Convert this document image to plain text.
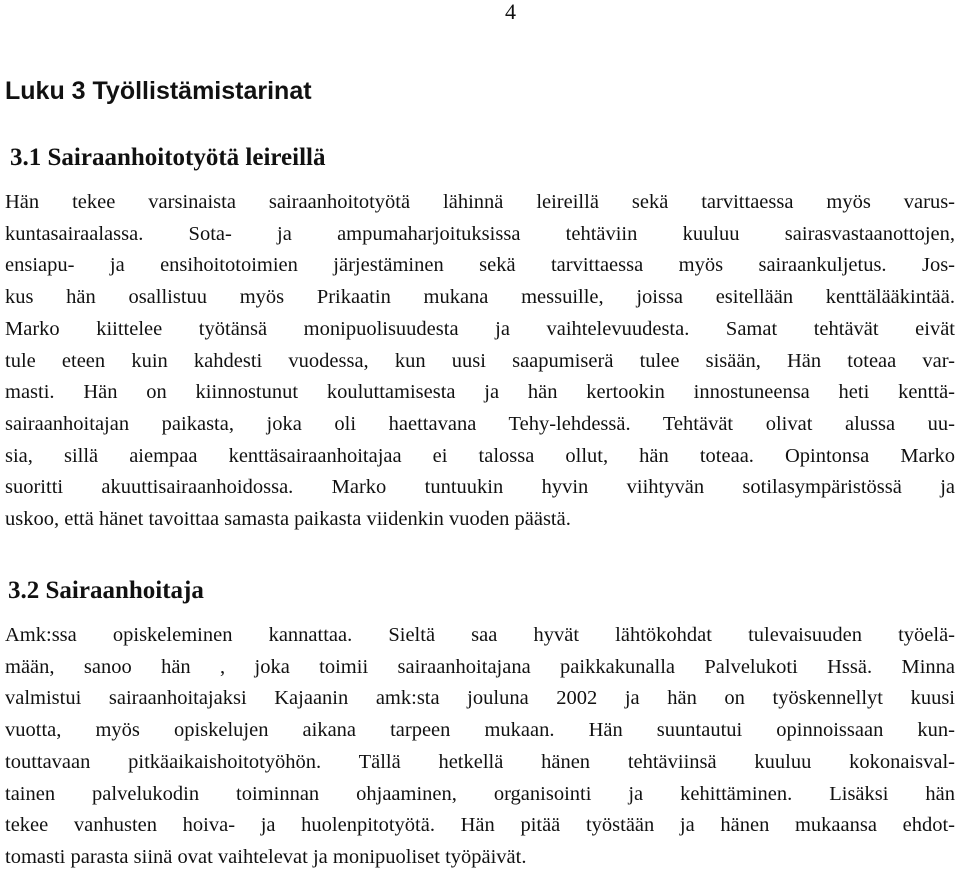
4
Luku 3 Työllistämistarinat
3.1 Sairaanhoitotyötä leireillä

Hän tekee varsinaista sairaanhoitotyötä lähinnä leireillä sekä tarvittaessa myös varus-
kuntasairaalassa. Sota- ja ampumaharjoituksissa tehtäviin kuuluu sairasvastaanottojen,
ensiapu- ja ensihoitotoimien järjestäminen sekä tarvittaessa myös sairaankuljetus. Jos-
kus hän osallistuu myös Prikaatin mukana messuille, joissa esitellään kenttälääkintää.
Marko kiittelee työtänsä monipuolisuudesta ja vaihtelevuudesta. Samat tehtävät eivät
tule eteen kuin kahdesti vuodessa, kun uusi saapumiserä tulee sisään, Hän toteaa var-
masti. Hän on kiinnostunut kouluttamisesta ja hän kertookin innostuneensa heti kenttä-
sairaanhoitajan paikasta, joka oli haettavana Tehy-lehdessä. Tehtävät olivat alussa uu-
sia, sillä aiempaa kenttäsairaanhoitajaa ei talossa ollut, hän toteaa. Opintonsa Marko
suoritti akuuttisairaanhoidossa. Marko tuntuukin hyvin viihtyvän sotilasympäristössä ja
uskoo, että hänet tavoittaa samasta paikasta viidenkin vuoden päästä.

3.2 Sairaanhoitaja

Amk:ssa opiskeleminen kannattaa. Sieltä saa hyvät lähtökohdat tulevaisuuden työelä-
mään, sanoo hän , joka toimii sairaanhoitajana paikkakunalla Palvelukoti Hssä. Minna
valmistui sairaanhoitajaksi Kajaanin amk:sta jouluna 2002 ja hän on työskennellyt kuusi
vuotta, myös opiskelujen aikana tarpeen mukaan. Hän suuntautui opinnoissaan kun-
touttavaan pitkäaikaishoitotyöhön. Tällä hetkellä hänen tehtäviinsä kuuluu kokonaisval-
tainen palvelukodin toiminnan ohjaaminen, organisointi ja kehittäminen. Lisäksi hän
tekee vanhusten hoiva- ja huolenpitotyötä. Hän pitää työstään ja hänen mukaansa ehdot-
tomasti parasta siinä ovat vaihtelevat ja monipuoliset työpäivät.
